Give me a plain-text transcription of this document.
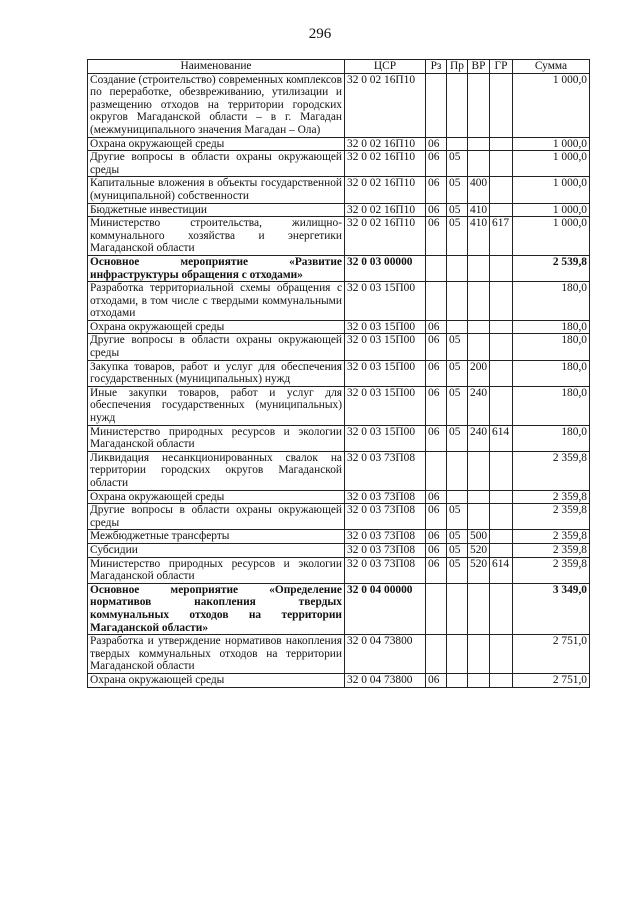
296
Наименование	ЦСР	Рз	Пр	ВР	ГР	Сумма
Создание (строительство) современных комплексов по переработке, обезвреживанию, утилизации и размещению отходов на территории городских округов Магаданской области – в г. Магадан (межмуниципального значения Магадан – Ола)	32 0 02 16П10					1 000,0
Охрана окружающей среды	32 0 02 16П10	06				1 000,0
Другие вопросы в области охраны окружающей среды	32 0 02 16П10	06	05			1 000,0
Капитальные вложения в объекты государственной (муниципальной) собственности	32 0 02 16П10	06	05	400		1 000,0
Бюджетные инвестиции	32 0 02 16П10	06	05	410		1 000,0
Министерство строительства, жилищно-коммунального хозяйства и энергетики Магаданской области	32 0 02 16П10	06	05	410	617	1 000,0
Основное мероприятие «Развитие инфраструктуры обращения с отходами»	32 0 03 00000					2 539,8
Разработка территориальной схемы обращения с отходами, в том числе с твердыми коммунальными отходами	32 0 03 15П00					180,0
Охрана окружающей среды	32 0 03 15П00	06				180,0
Другие вопросы в области охраны окружающей среды	32 0 03 15П00	06	05			180,0
Закупка товаров, работ и услуг для обеспечения государственных (муниципальных) нужд	32 0 03 15П00	06	05	200		180,0
Иные закупки товаров, работ и услуг для обеспечения государственных (муниципальных) нужд	32 0 03 15П00	06	05	240		180,0
Министерство природных ресурсов и экологии Магаданской области	32 0 03 15П00	06	05	240	614	180,0
Ликвидация несанкционированных свалок на территории городских округов Магаданской области	32 0 03 73П08					2 359,8
Охрана окружающей среды	32 0 03 73П08	06				2 359,8
Другие вопросы в области охраны окружающей среды	32 0 03 73П08	06	05			2 359,8
Межбюджетные трансферты	32 0 03 73П08	06	05	500		2 359,8
Субсидии	32 0 03 73П08	06	05	520		2 359,8
Министерство природных ресурсов и экологии Магаданской области	32 0 03 73П08	06	05	520	614	2 359,8
Основное мероприятие «Определение нормативов накопления твердых коммунальных отходов на территории Магаданской области»	32 0 04 00000					3 349,0
Разработка и утверждение нормативов накопления твердых коммунальных отходов на территории Магаданской области	32 0 04 73800					2 751,0
Охрана окружающей среды	32 0 04 73800	06				2 751,0
